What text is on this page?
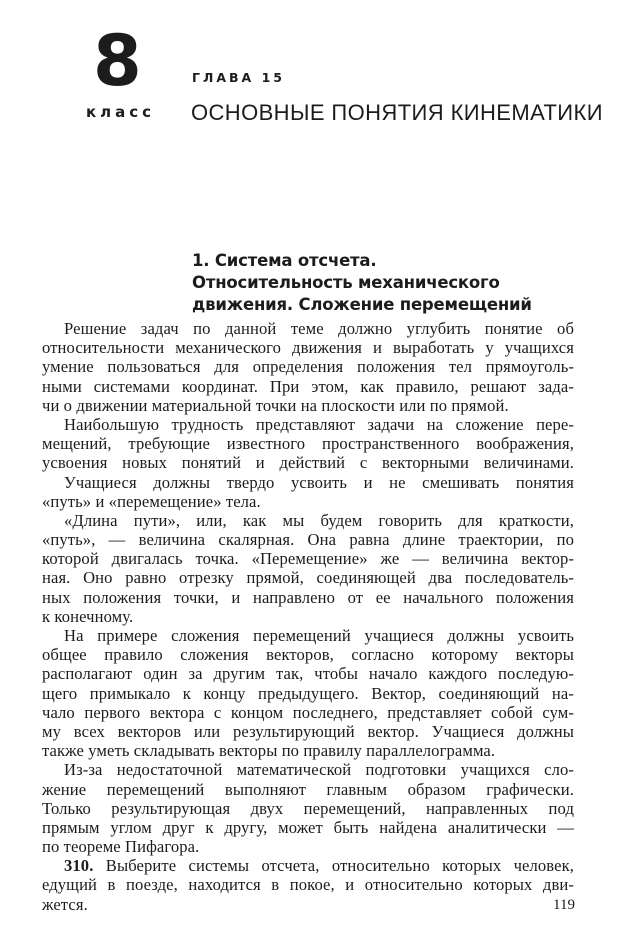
8
класс
ГЛАВА 15
ОСНОВНЫЕ ПОНЯТИЯ КИНЕМАТИКИ
1. Система отсчета.
Относительность механического
движения. Сложение перемещений
Решение задач по данной теме должно углубить понятие об
относительности механического движения и выработать у учащихся
умение пользоваться для определения положения тел прямоуголь-
ными системами координат. При этом, как правило, решают зада-
чи о движении материальной точки на плоскости или по прямой.
Наибольшую трудность представляют задачи на сложение пере-
мещений, требующие известного пространственного воображения,
усвоения новых понятий и действий с векторными величинами.
Учащиеся должны твердо усвоить и не смешивать понятия
«путь» и «перемещение» тела.
«Длина пути», или, как мы будем говорить для краткости,
«путь», — величина скалярная. Она равна длине траектории, по
которой двигалась точка. «Перемещение» же — величина вектор-
ная. Оно равно отрезку прямой, соединяющей два последователь-
ных положения точки, и направлено от ее начального положения
к конечному.
На примере сложения перемещений учащиеся должны усвоить
общее правило сложения векторов, согласно которому векторы
располагают один за другим так, чтобы начало каждого последую-
щего примыкало к концу предыдущего. Вектор, соединяющий на-
чало первого вектора с концом последнего, представляет собой сум-
му всех векторов или результирующий вектор. Учащиеся должны
также уметь складывать векторы по правилу параллелограмма.
Из-за недостаточной математической подготовки учащихся сло-
жение перемещений выполняют главным образом графически.
Только результирующая двух перемещений, направленных под
прямым углом друг к другу, может быть найдена аналитически —
по теореме Пифагора.
310. Выберите системы отсчета, относительно которых человек,
едущий в поезде, находится в покое, и относительно которых дви-
жется.	119
